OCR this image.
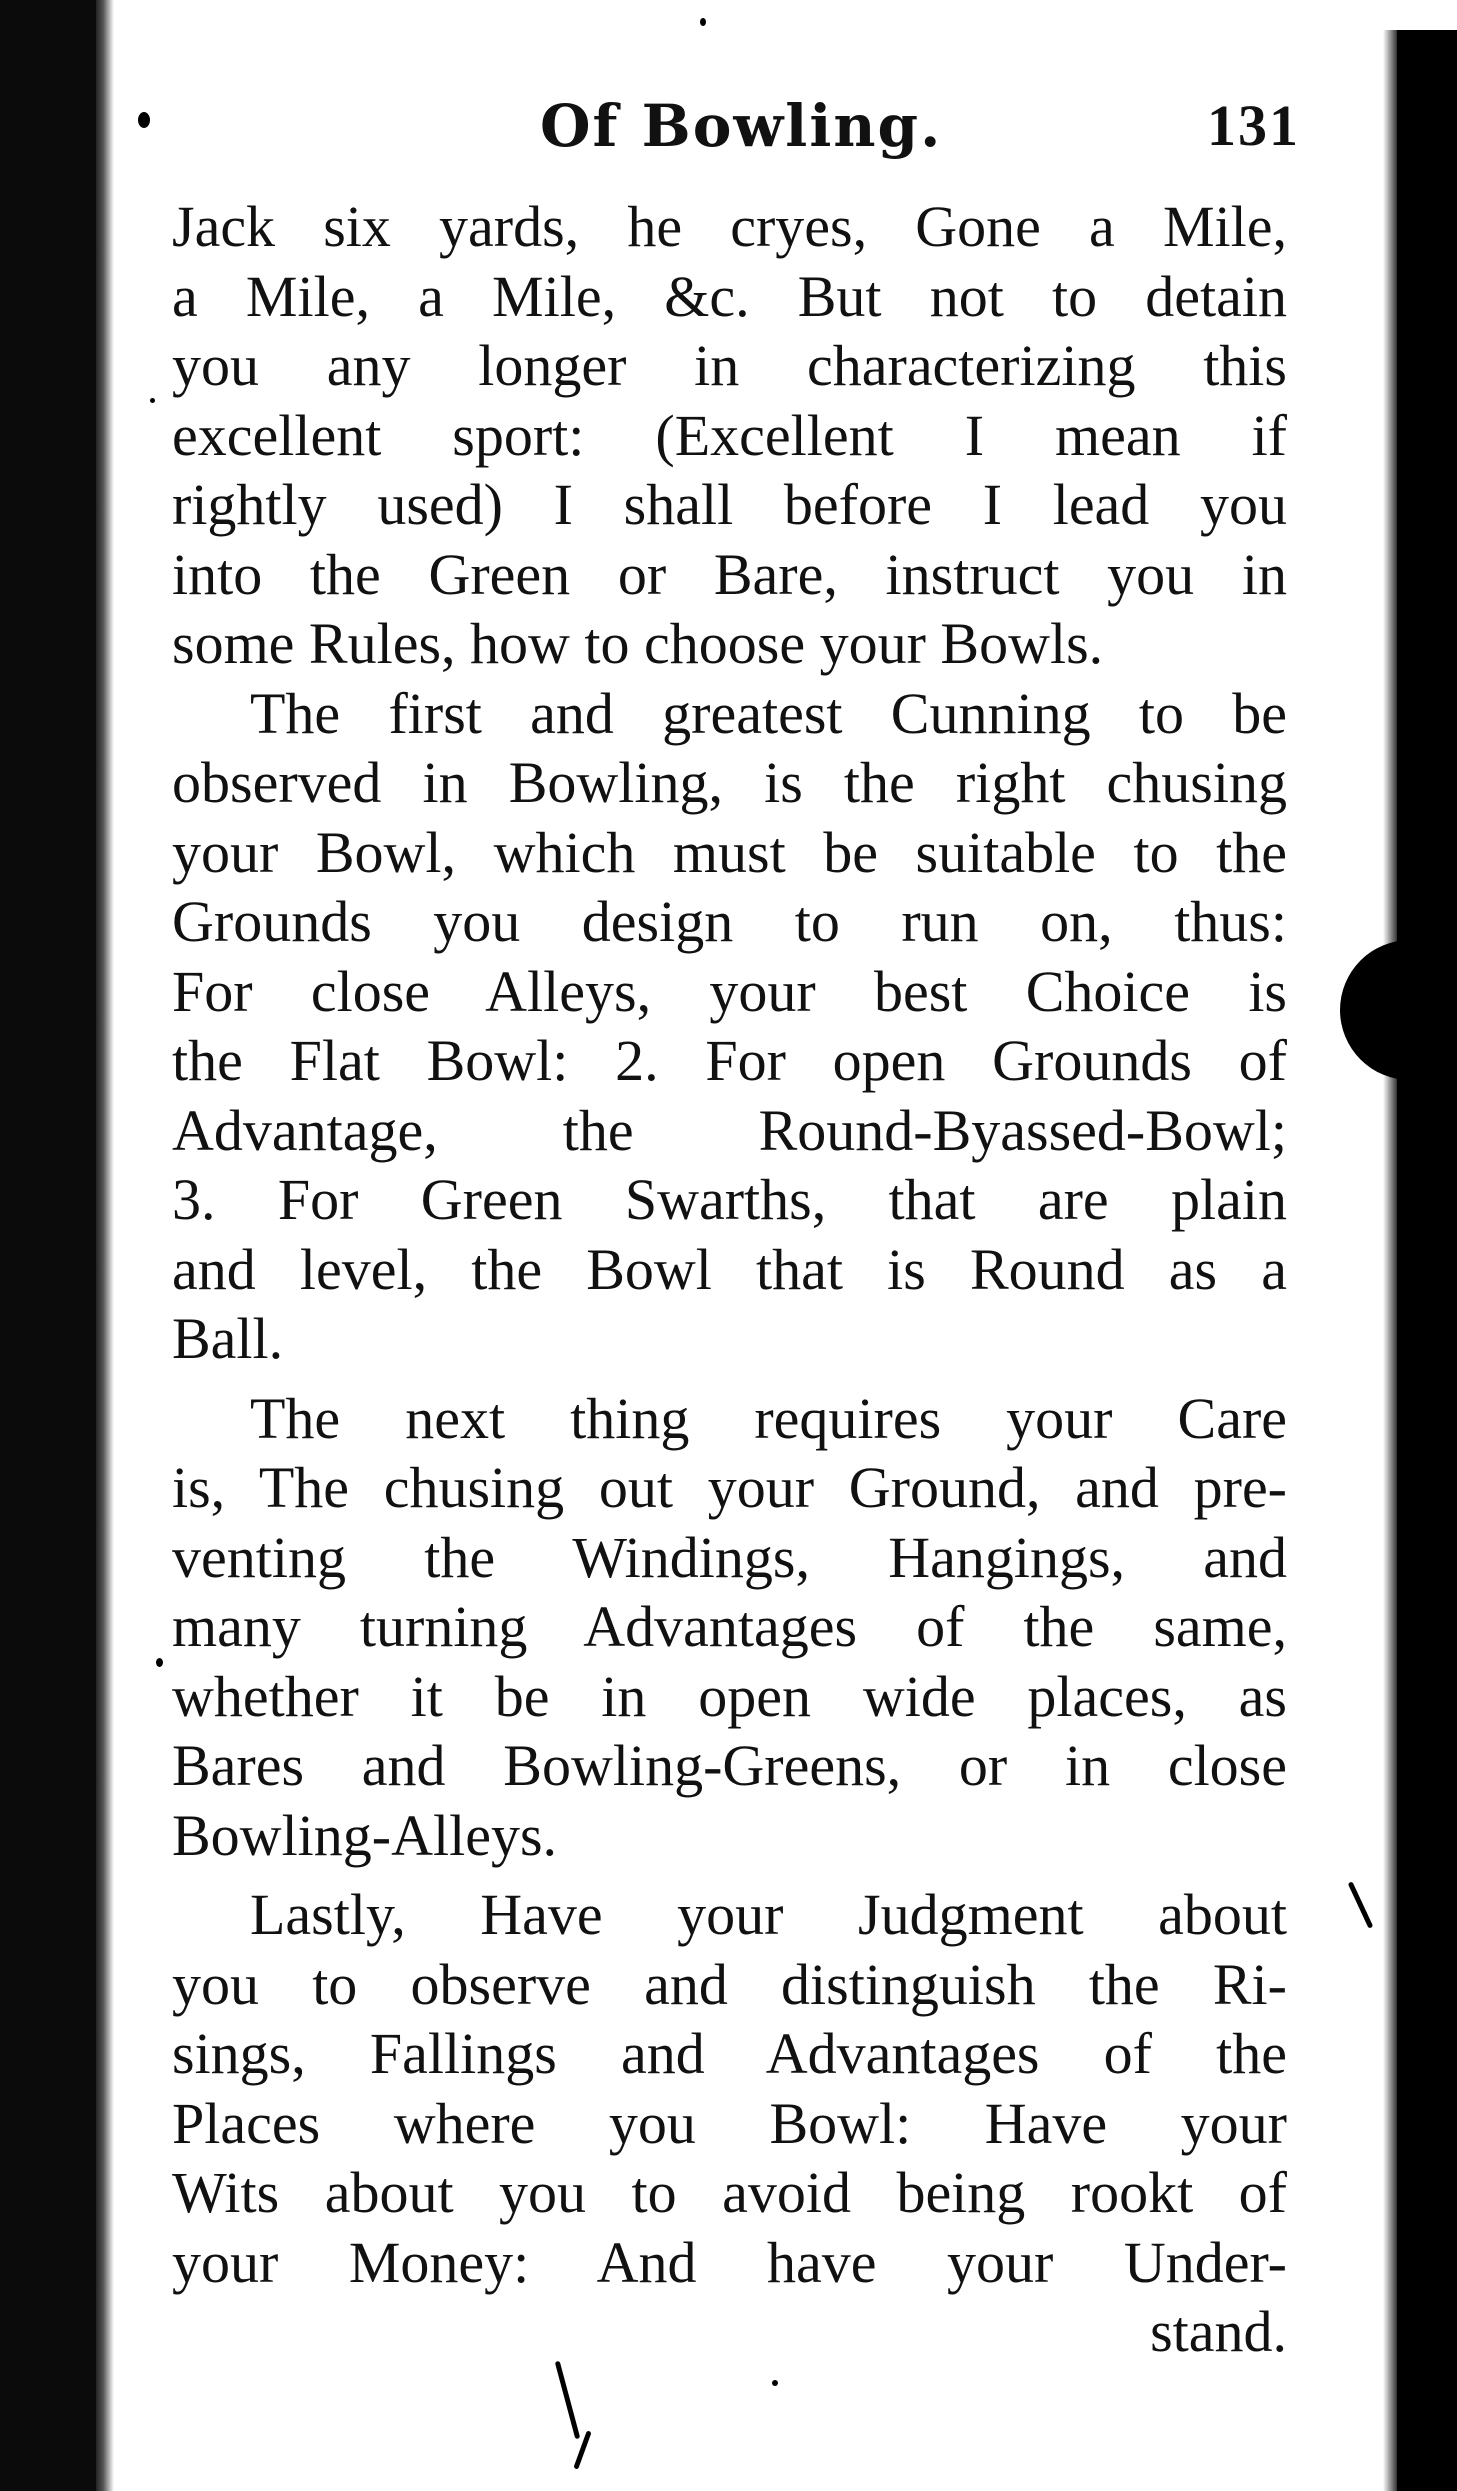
Of Bowling.	131
Jack six yards, he cryes, Gone a Mile,
a Mile, a Mile, &c. But not to detain
you any longer in characterizing this
excellent sport: (Excellent I mean if
rightly used) I shall before I lead you
into the Green or Bare, instruct you in
some Rules, how to choose your Bowls.
The first and greatest Cunning to be
observed in Bowling, is the right chusing
your Bowl, which must be suitable to the
Grounds you design to run on, thus:
For close Alleys, your best Choice is
the Flat Bowl: 2. For open Grounds of
Advantage, the Round-Byassed-Bowl;
3. For Green Swarths, that are plain
and level, the Bowl that is Round as a
Ball.
The next thing requires your Care
is, The chusing out your Ground, and pre-
venting the Windings, Hangings, and
many turning Advantages of the same,
whether it be in open wide places, as
Bares and Bowling-Greens, or in close
Bowling-Alleys.
Lastly, Have your Judgment about
you to observe and distinguish the Ri-
sings, Fallings and Advantages of the
Places where you Bowl: Have your
Wits about you to avoid being rookt of
your Money: And have your Under-
stand.
